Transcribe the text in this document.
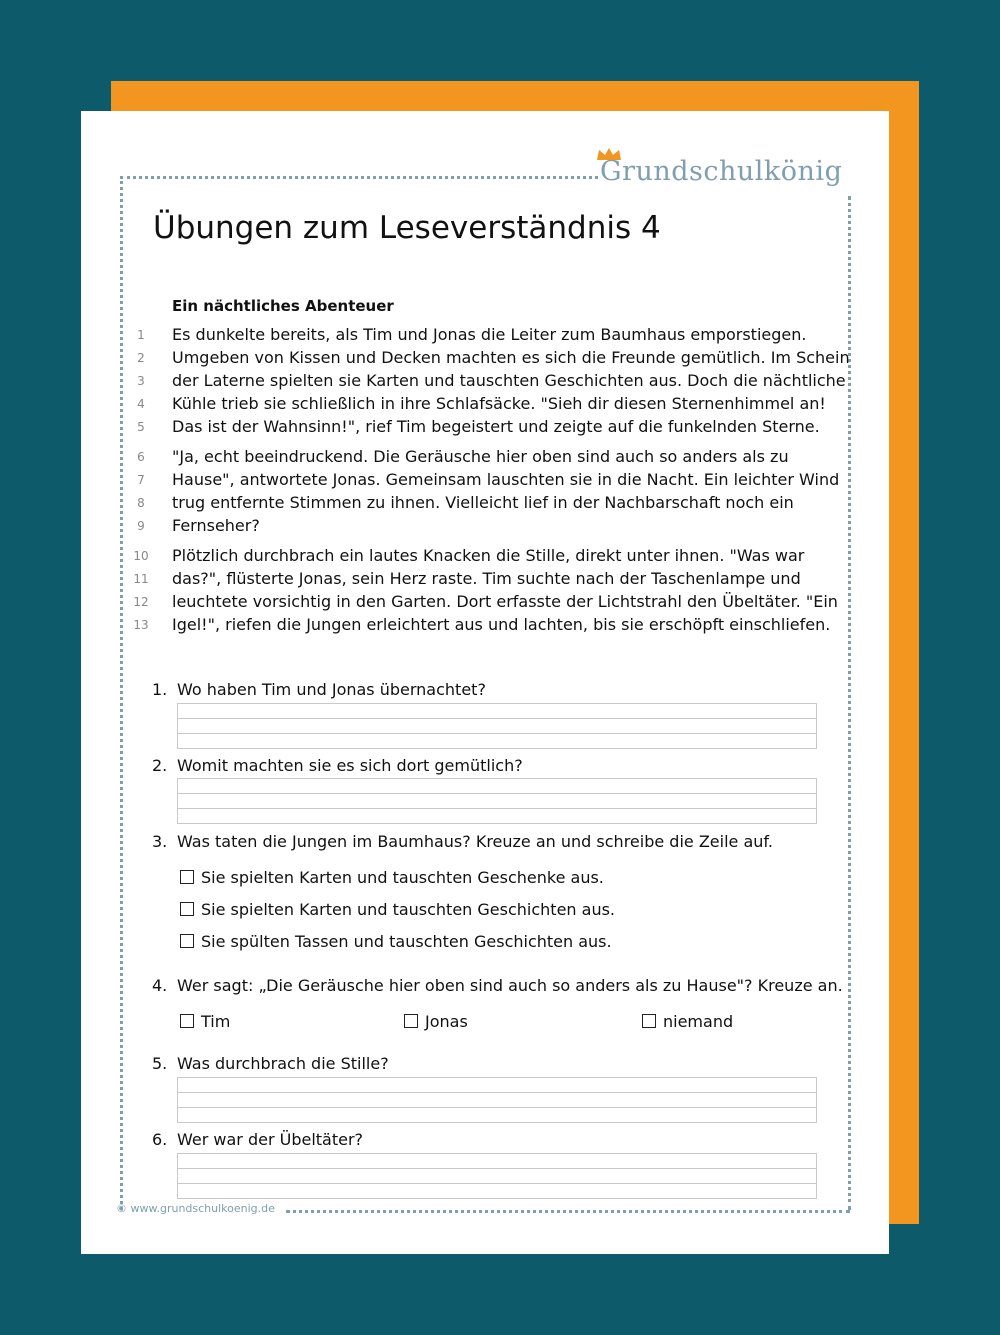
Grundschulkönig
Übungen zum Leseverständnis 4
Ein nächtliches Abenteuer
1	Es dunkelte bereits, als Tim und Jonas die Leiter zum Baumhaus emporstiegen.
2	Umgeben von Kissen und Decken machten es sich die Freunde gemütlich. Im Schein
3	der Laterne spielten sie Karten und tauschten Geschichten aus. Doch die nächtliche
4	Kühle trieb sie schließlich in ihre Schlafsäcke. "Sieh dir diesen Sternenhimmel an!
5	Das ist der Wahnsinn!", rief Tim begeistert und zeigte auf die funkelnden Sterne.
6	"Ja, echt beeindruckend. Die Geräusche hier oben sind auch so anders als zu
7	Hause", antwortete Jonas. Gemeinsam lauschten sie in die Nacht. Ein leichter Wind
8	trug entfernte Stimmen zu ihnen. Vielleicht lief in der Nachbarschaft noch ein
9	Fernseher?
10 Plötzlich durchbrach ein lautes Knacken die Stille, direkt unter ihnen. "Was war
11 das?", flüsterte Jonas, sein Herz raste. Tim suchte nach der Taschenlampe und
12 leuchtete vorsichtig in den Garten. Dort erfasste der Lichtstrahl den Übeltäter. "Ein
13 Igel!", riefen die Jungen erleichtert aus und lachten, bis sie erschöpft einschliefen.
1. Wo haben Tim und Jonas übernachtet?
2. Womit machten sie es sich dort gemütlich?
3. Was taten die Jungen im Baumhaus? Kreuze an und schreibe die Zeile auf.
Sie spielten Karten und tauschten Geschenke aus.
Sie spielten Karten und tauschten Geschichten aus.
Sie spülten Tassen und tauschten Geschichten aus.
4. Wer sagt: „Die Geräusche hier oben sind auch so anders als zu Hause"? Kreuze an.
Tim	Jonas	niemand
5. Was durchbrach die Stille?
6. Wer war der Übeltäter?
© www.grundschulkoenig.de
